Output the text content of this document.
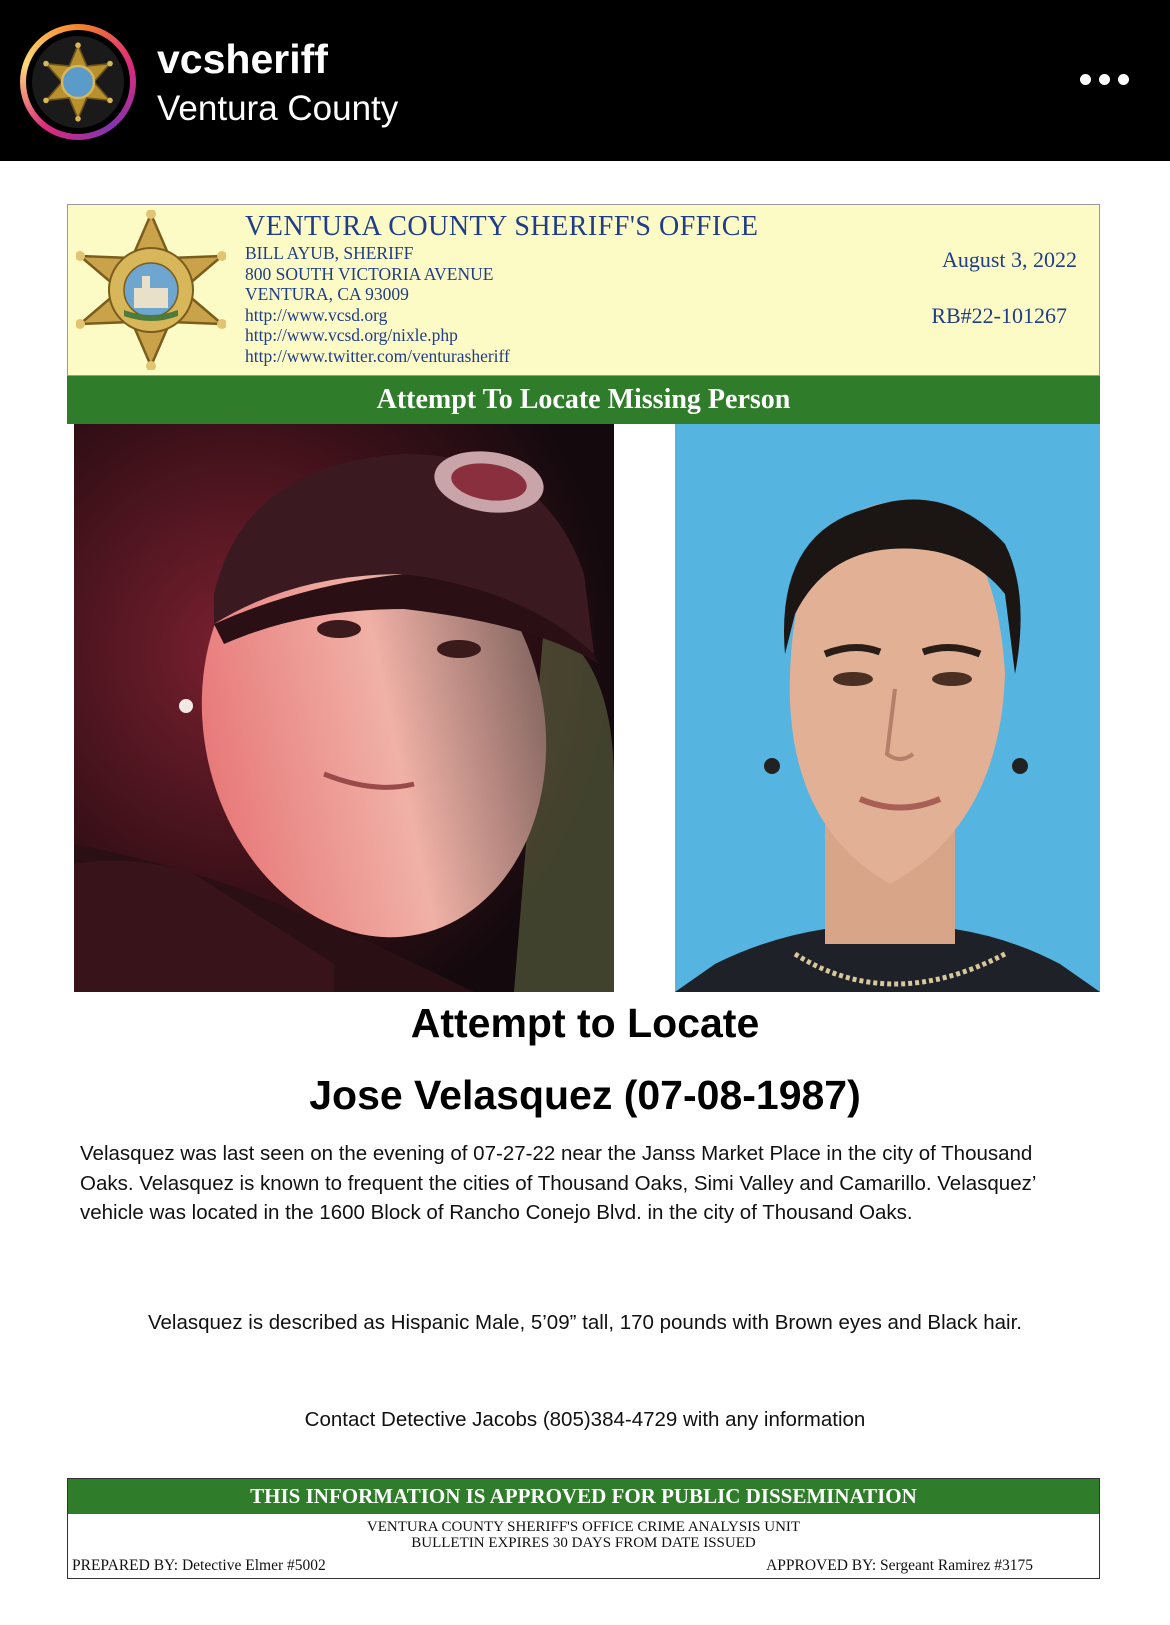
vcsheriff
Ventura County
VENTURA COUNTY SHERIFF'S OFFICE
BILL AYUB, SHERIFF
800 SOUTH VICTORIA AVENUE
VENTURA, CA 93009
http://www.vcsd.org
http://www.vcsd.org/nixle.php
http://www.twitter.com/venturasheriff
August 3, 2022
RB#22-101267
Attempt To Locate Missing Person
Attempt to Locate
Jose Velasquez (07-08-1987)
Velasquez was last seen on the evening of 07-27-22 near the Janss Market Place in the city of Thousand Oaks. Velasquez is known to frequent the cities of Thousand Oaks, Simi Valley and Camarillo. Velasquez’ vehicle was located in the 1600 Block of Rancho Conejo Blvd. in the city of Thousand Oaks.
Velasquez is described as Hispanic Male, 5’09” tall, 170 pounds with Brown eyes and Black hair.
Contact Detective Jacobs (805)384-4729 with any information
THIS INFORMATION IS APPROVED FOR PUBLIC DISSEMINATION
VENTURA COUNTY SHERIFF'S OFFICE CRIME ANALYSIS UNIT
BULLETIN EXPIRES 30 DAYS FROM DATE ISSUED
PREPARED BY: Detective Elmer #5002	APPROVED BY: Sergeant Ramirez #3175
